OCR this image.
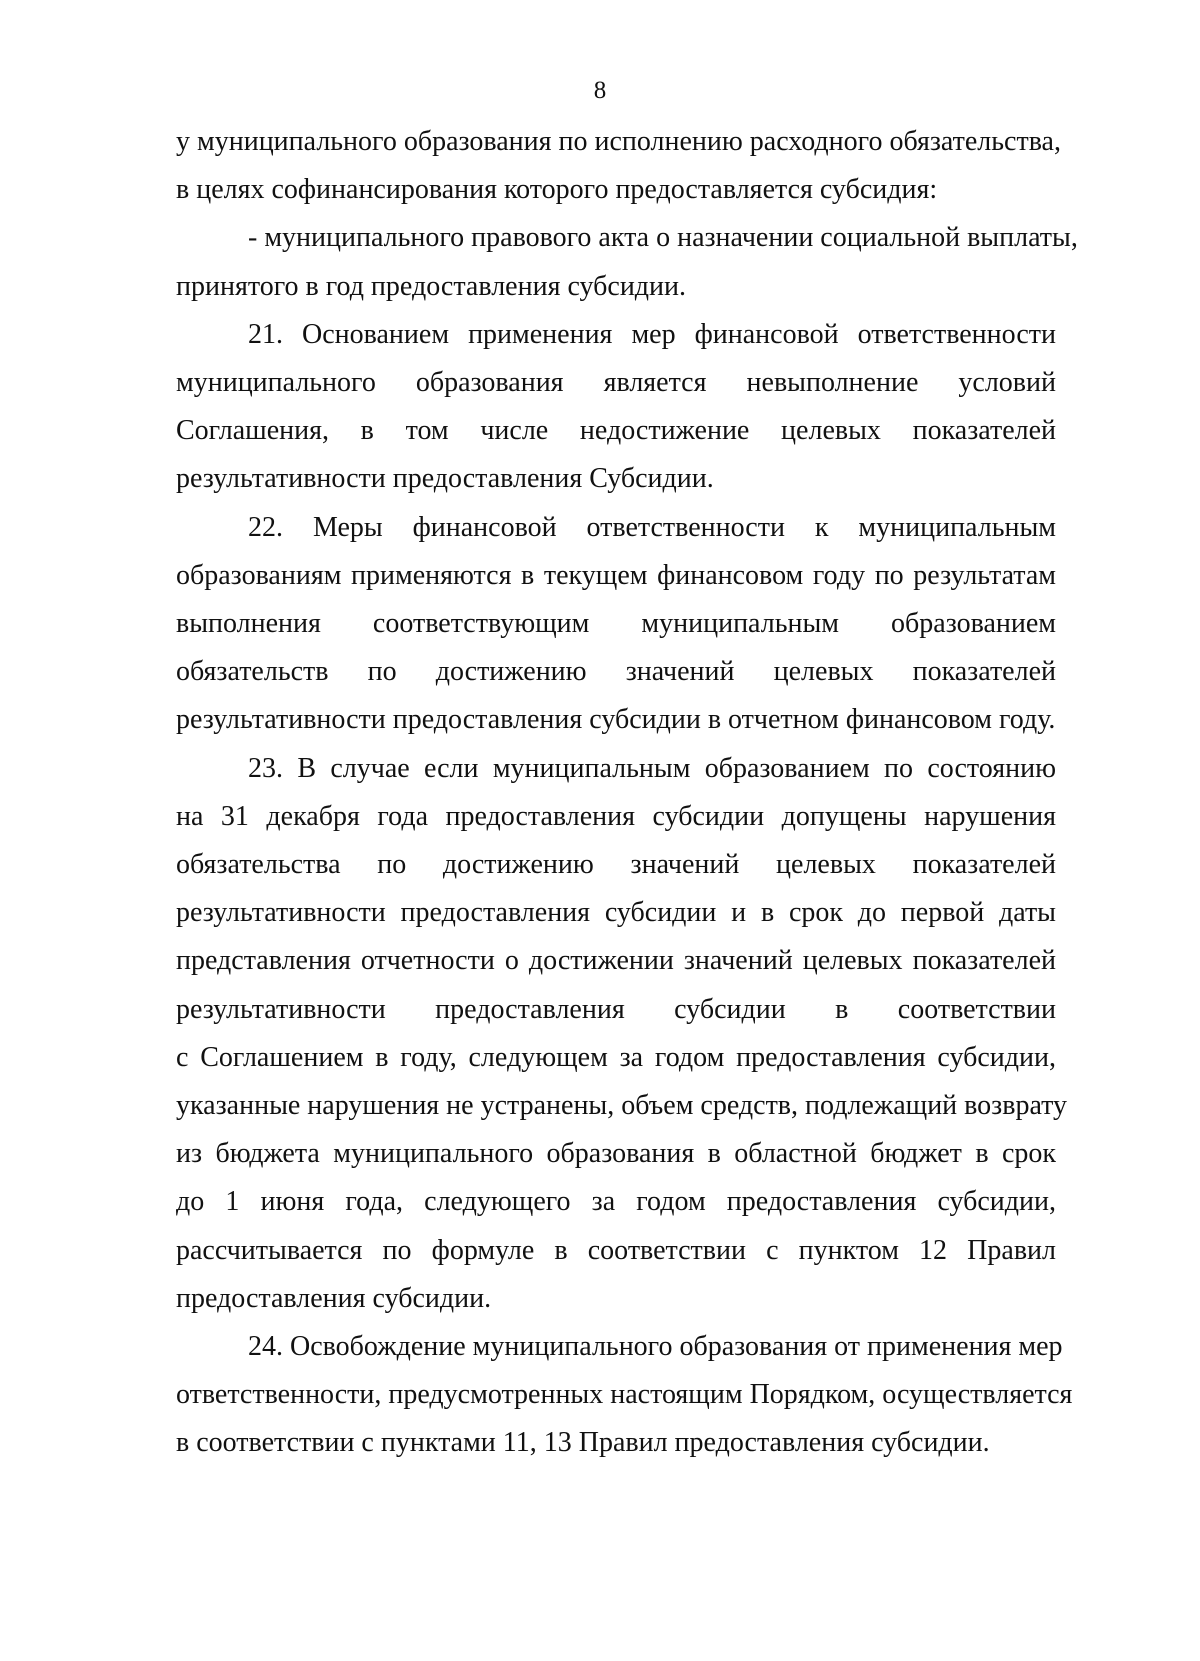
8
у муниципального образования по исполнению расходного обязательства,
в целях софинансирования которого предоставляется субсидия:
- муниципального правового акта о назначении социальной выплаты,
принятого в год предоставления субсидии.
21. Основанием применения мер финансовой ответственности
муниципального образования является невыполнение условий
Соглашения, в том числе недостижение целевых показателей
результативности предоставления Субсидии.
22. Меры финансовой ответственности к муниципальным
образованиям применяются в текущем финансовом году по результатам
выполнения соответствующим муниципальным образованием
обязательств по достижению значений целевых показателей
результативности предоставления субсидии в отчетном финансовом году.
23. В случае если муниципальным образованием по состоянию
на 31 декабря года предоставления субсидии допущены нарушения
обязательства по достижению значений целевых показателей
результативности предоставления субсидии и в срок до первой даты
представления отчетности о достижении значений целевых показателей
результативности предоставления субсидии в соответствии
с Соглашением в году, следующем за годом предоставления субсидии,
указанные нарушения не устранены, объем средств, подлежащий возврату
из бюджета муниципального образования в областной бюджет в срок
до 1 июня года, следующего за годом предоставления субсидии,
рассчитывается по формуле в соответствии с пунктом 12 Правил
предоставления субсидии.
24. Освобождение муниципального образования от применения мер
ответственности, предусмотренных настоящим Порядком, осуществляется
в соответствии с пунктами 11, 13 Правил предоставления субсидии.
